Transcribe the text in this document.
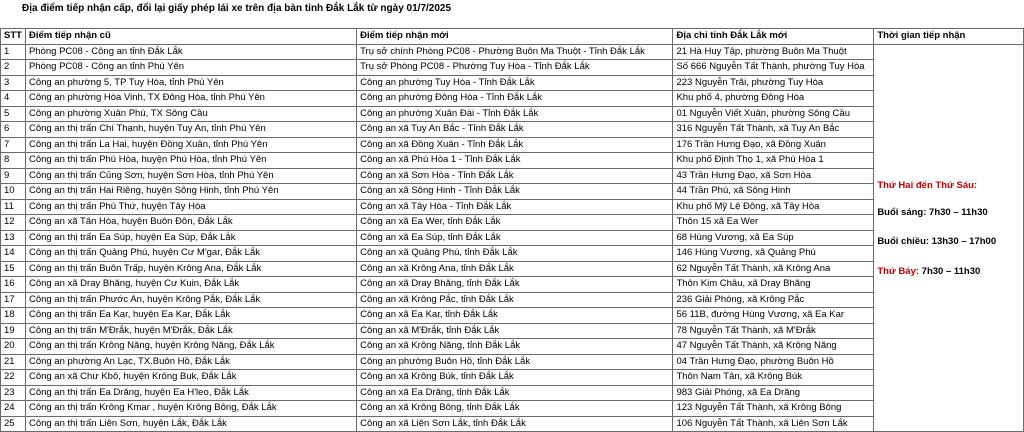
Địa điểm tiếp nhận cấp, đổi lại giấy phép lái xe trên địa bàn tỉnh Đắk Lắk từ ngày 01/7/2025
STT	Điểm tiếp nhận cũ	Điểm tiếp nhận mới	Địa chỉ tỉnh Đắk Lắk mới	Thời gian tiếp nhận
1	Phòng PC08 - Công an tỉnh Đắk Lắk	Trụ sở chính Phòng PC08 - Phường Buôn Ma Thuột - Tỉnh Đắk Lắk	21 Hà Huy Tập, phường Buôn Ma Thuột	Thứ Hai đến Thứ Sáu:
Buổi sáng: 7h30 – 11h30
Buổi chiều: 13h30 – 17h00
Thứ Bảy: 7h30 – 11h30

2	Phòng PC08 - Công an tỉnh Phú Yên	Trụ sở Phòng PC08 - Phường Tuy Hòa - Tỉnh Đắk Lắk	Số 666 Nguyễn Tất Thành, phường Tuy Hòa	
3	Công an phường 5, TP Tuy Hòa, tỉnh Phú Yên	Công an phường Tuy Hòa - Tỉnh Đắk Lắk	223 Nguyễn Trãi, phường Tuy Hòa	
4	Công an phường Hòa Vinh, TX Đông Hòa, tỉnh Phú Yên	Công an phường Đông Hòa - Tỉnh Đắk Lắk	Khu phố 4, phường Đông Hòa	
5	Công an phường Xuân Phú, TX Sông Cầu	Công an phường Xuân Đài - Tỉnh Đắk Lắk	01 Nguyễn Viết Xuân, phường Sông Cầu	
6	Công an thị trấn Chí Thạnh, huyện Tuy An, tỉnh Phú Yên	Công an xã Tuy An Bắc - Tỉnh Đắk Lắk	316 Nguyễn Tất Thành, xã Tuy An Bắc	
7	Công an thị trấn La Hai, huyện Đồng Xuân, tỉnh Phú Yên	Công an xã Đồng Xuân - Tỉnh Đắk Lắk	176 Trần Hưng Đạo, xã Đồng Xuân	
8	Công an thị trấn Phú Hòa, huyện Phú Hòa, tỉnh Phú Yên	Công an xã Phú Hòa 1 - Tỉnh Đắk Lắk	Khu phố Định Thọ 1, xã Phú Hòa 1	
9	Công an thị trấn Củng Sơn, huyện Sơn Hòa, tỉnh Phú Yên	Công an xã Sơn Hòa - Tỉnh Đắk Lắk	43 Trần Hưng Đạo, xã Sơn Hòa	
10	Công an thị trấn Hai Riêng, huyện Sông Hinh, tỉnh Phú Yên	Công an xã Sông Hinh - Tỉnh Đắk Lắk	44 Trần Phú, xã Sông Hinh	
11	Công an thị trấn Phú Thứ, huyện Tây Hòa	Công an xã Tây Hòa - Tỉnh Đắk Lắk	Khu phố Mỹ Lệ Đông, xã Tây Hòa	
12	Công an xã Tân Hòa, huyện Buôn Đôn, Đắk Lắk	Công an xã Ea Wer, tỉnh Đắk Lắk	Thôn 15 xã Ea Wer	
13	Công an thị trấn Ea Súp, huyện Ea Súp, Đắk Lắk	Công an xã Ea Súp, tỉnh Đắk Lắk	68 Hùng Vương, xã Ea Súp	
14	Công an thị trấn Quảng Phú, huyện Cư M'gar, Đắk Lắk	Công an xã Quảng Phú, tỉnh Đắk Lắk	146 Hùng Vương, xã Quảng Phú	
15	Công an thị trấn Buôn Trấp, huyện Krông Ana, Đắk Lắk	Công an xã Krông Ana, tỉnh Đắk Lắk	62 Nguyễn Tất Thành, xã Krông Ana	
16	Công an xã Dray Bhăng, huyện Cư Kuin, Đắk Lắk	Công an xã Dray Bhăng, tỉnh Đắk Lắk	Thôn Kim Châu, xã Dray Bhăng	
17	Công an thị trấn Phước An, huyện Krông Pắk, Đắk Lắk	Công an xã Krông Pắc, tỉnh Đắk Lắk	236 Giải Phóng, xã Krông Pắc	
18	Công an thị trấn Ea Kar, huyện Ea Kar, Đắk Lắk	Công an xã Ea Kar, tỉnh Đắk Lắk	56 11B, đường Hùng Vương, xã Ea Kar	
19	Công an thị trấn M'Đrắk, huyện M'Đrắk, Đắk Lắk	Công an xã M'Đrắk, tỉnh Đắk Lắk	78 Nguyễn Tất Thành, xã M'Đrắk	
20	Công an thị trấn Krông Năng, huyện Krông Năng, Đắk Lắk	Công an xã Krông Năng, tỉnh Đắk Lắk	47 Nguyễn Tất Thành, xã Krông Năng	
21	Công an phường An Lạc, TX.Buôn Hồ, Đắk Lắk	Công an phường Buôn Hồ, tỉnh Đắk Lắk	04 Trần Hưng Đạo, phường Buôn Hồ	
22	Công an xã Chư Kbô, huyện Krông Buk, Đắk Lắk	Công an xã Krông Búk, tỉnh Đắk Lắk	Thôn Nam Tân, xã Krông Búk	
23	Công an thị trấn Ea Drăng, huyện Ea H'leo, Đắk Lắk	Công an xã Ea Drăng, tỉnh Đắk Lắk	983 Giải Phóng, xã Ea Drăng	
24	Công an thị trấn Krông Kmar , huyện Krông Bông, Đắk Lắk	Công an xã Krông Bông, tỉnh Đắk Lắk	123 Nguyễn Tất Thành, xã Krông Bông	
25	Công an thị trấn Liên Sơn, huyện Lắk, Đắk Lắk	Công an xã Liên Sơn Lắk, tỉnh Đắk Lắk	106 Nguyễn Tất Thành, xã Liên Sơn Lắk	
